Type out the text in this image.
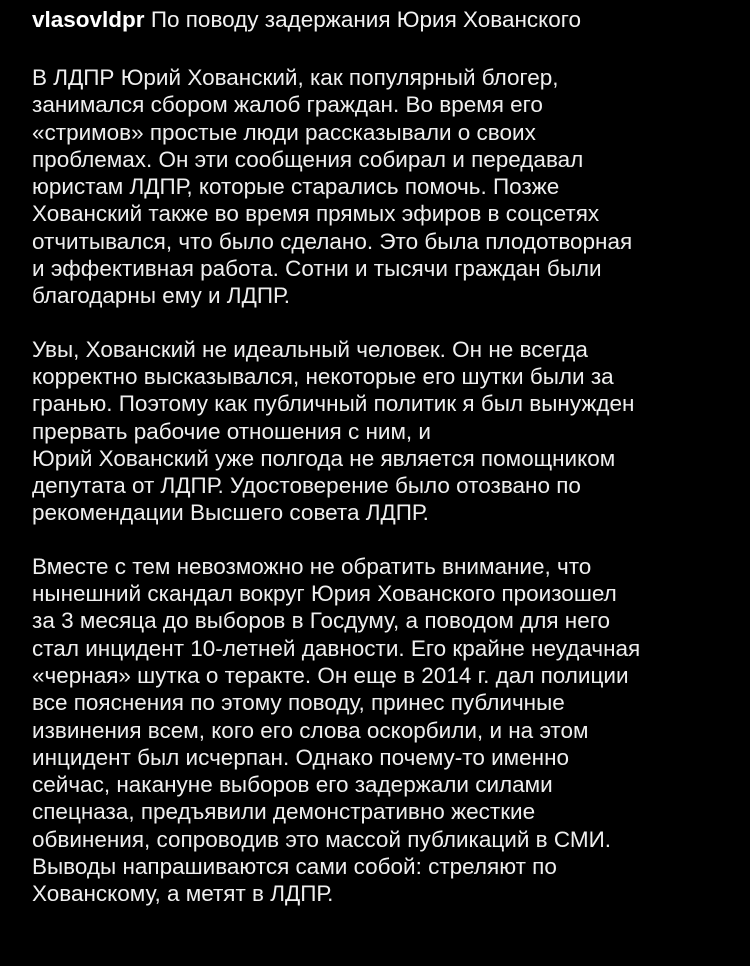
vlasovldpr По поводу задержания Юрия Хованского
В ЛДПР Юрий Хованский, как популярный блогер,
занимался сбором жалоб граждан. Во время его
«стримов» простые люди рассказывали о своих
проблемах. Он эти сообщения собирал и передавал
юристам ЛДПР, которые старались помочь. Позже
Хованский также во время прямых эфиров в соцсетях
отчитывался, что было сделано. Это была плодотворная
и эффективная работа. Сотни и тысячи граждан были
благодарны ему и ЛДПР.
Увы, Хованский не идеальный человек. Он не всегда
корректно высказывался, некоторые его шутки были за
гранью. Поэтому как публичный политик я был вынужден
прервать рабочие отношения с ним, и
Юрий Хованский уже полгода не является помощником
депутата от ЛДПР. Удостоверение было отозвано по
рекомендации Высшего совета ЛДПР.
Вместе с тем невозможно не обратить внимание, что
нынешний скандал вокруг Юрия Хованского произошел
за 3 месяца до выборов в Госдуму, а поводом для него
стал инцидент 10-летней давности. Его крайне неудачная
«черная» шутка о теракте. Он еще в 2014 г. дал полиции
все пояснения по этому поводу, принес публичные
извинения всем, кого его слова оскорбили, и на этом
инцидент был исчерпан. Однако почему-то именно
сейчас, накануне выборов его задержали силами
спецназа, предъявили демонстративно жесткие
обвинения, сопроводив это массой публикаций в СМИ.
Выводы напрашиваются сами собой: стреляют по
Хованскому, а метят в ЛДПР.
